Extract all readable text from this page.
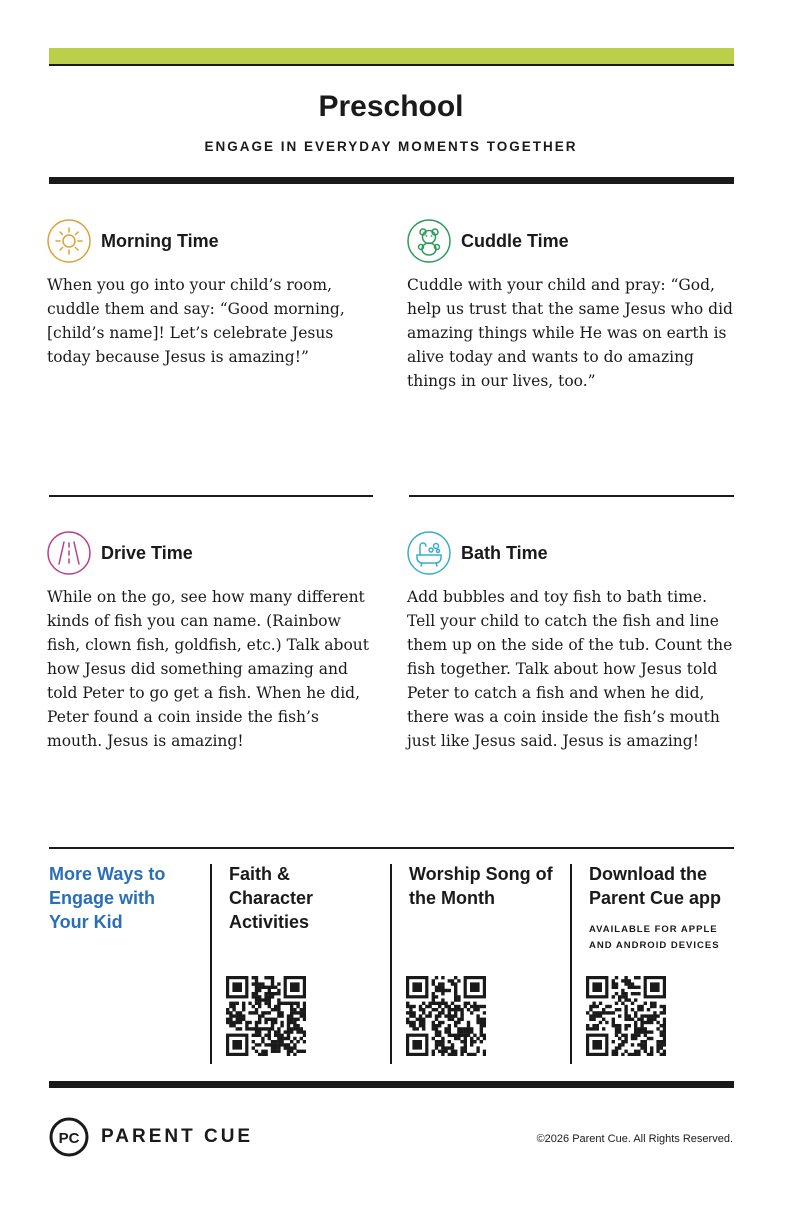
Preschool
ENGAGE IN EVERYDAY MOMENTS TOGETHER
Morning Time
When you go into your child’s room, cuddle them and say: “Good morning, [child’s name]! Let’s celebrate Jesus today because Jesus is amazing!”
Cuddle Time
Cuddle with your child and pray: “God, help us trust that the same Jesus who did amazing things while He was on earth is alive today and wants to do amazing things in our lives, too.”
Drive Time
While on the go, see how many different kinds of fish you can name. (Rainbow fish, clown fish, goldfish, etc.) Talk about how Jesus did something amazing and told Peter to go get a fish. When he did, Peter found a coin inside the fish’s mouth. Jesus is amazing!
Bath Time
Add bubbles and toy fish to bath time. Tell your child to catch the fish and line them up on the side of the tub. Count the fish together. Talk about how Jesus told Peter to catch a fish and when he did, there was a coin inside the fish’s mouth just like Jesus said. Jesus is amazing!
More Ways to Engage with Your Kid
Faith & Character Activities
Worship Song of the Month
Download the Parent Cue app
AVAILABLE FOR APPLE AND ANDROID DEVICES
PC PARENT CUE	©2026 Parent Cue. All Rights Reserved.
